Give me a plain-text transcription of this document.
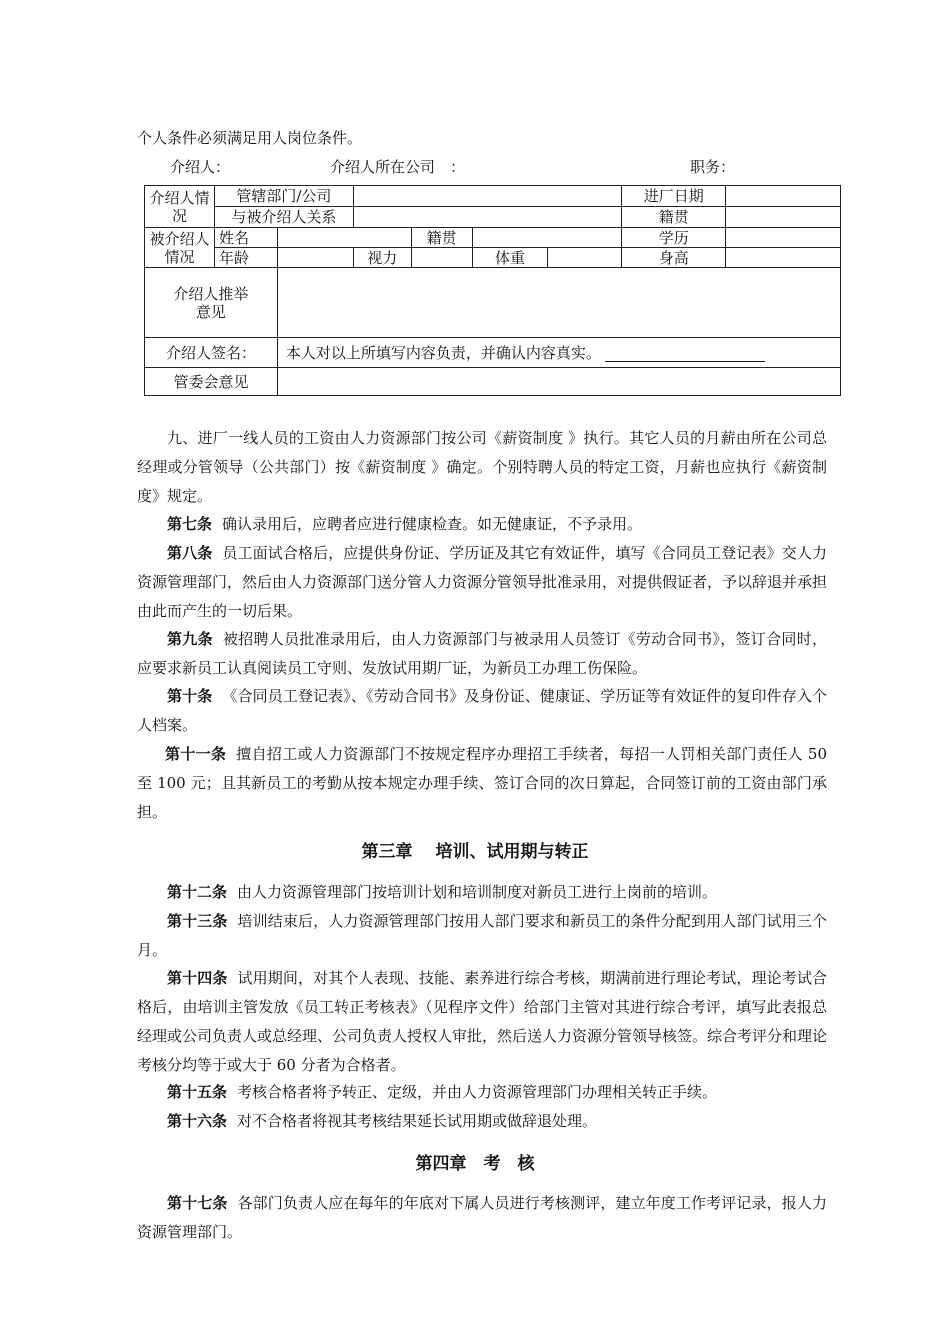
个人条件必须满足用人岗位条件。
介绍人：	介绍人所在公司　：	职务：
介绍人情况	管辖部门/公司						进厂日期	
	与被介绍人关系						籍贯	
被介绍人情况	姓名			籍贯			学历	
	年龄		视力		体重		身高	
介绍人推举意见								
介绍人签名：		本人对以上所填写内容负责，并确认内容真实。						
管委会意见								
九、进厂一线人员的工资由人力资源部门按公司《薪资制度 》执行。其它人员的月薪由所在公司总经理或分管领导（公共部门）按《薪资制度 》确定。个别特聘人员的特定工资，月薪也应执行《薪资制度》规定。
第七条 确认录用后，应聘者应进行健康检查。如无健康证，不予录用。
第八条 员工面试合格后，应提供身份证、学历证及其它有效证件，填写《合同员工登记表》交人力资源管理部门，然后由人力资源部门送分管人力资源分管领导批准录用，对提供假证者，予以辞退并承担由此而产生的一切后果。
第九条 被招聘人员批准录用后，由人力资源部门与被录用人员签订《劳动合同书》，签订合同时，应要求新员工认真阅读员工守则、发放试用期厂证，为新员工办理工伤保险。
第十条 《合同员工登记表》、《劳动合同书》及身份证、健康证、学历证等有效证件的复印件存入个人档案。
第十一条 擅自招工或人力资源部门不按规定程序办理招工手续者，每招一人罚相关部门责任人 50 至 100 元；且其新员工的考勤从按本规定办理手续、签订合同的次日算起，合同签订前的工资由部门承担。
第三章　 培训、试用期与转正
第十二条 由人力资源管理部门按培训计划和培训制度对新员工进行上岗前的培训。
第十三条 培训结束后，人力资源管理部门按用人部门要求和新员工的条件分配到用人部门试用三个月。
第十四条 试用期间，对其个人表现、技能、素养进行综合考核，期满前进行理论考试，理论考试合格后，由培训主管发放《员工转正考核表》（见程序文件）给部门主管对其进行综合考评，填写此表报总经理或公司负责人或总经理、公司负责人授权人审批，然后送人力资源分管领导核签。综合考评分和理论考核分均等于或大于 60 分者为合格者。
第十五条 考核合格者将予转正、定级，并由人力资源管理部门办理相关转正手续。
第十六条 对不合格者将视其考核结果延长试用期或做辞退处理。
第四章　考　核
第十七条 各部门负责人应在每年的年底对下属人员进行考核测评，建立年度工作考评记录，报人力资源管理部门。
